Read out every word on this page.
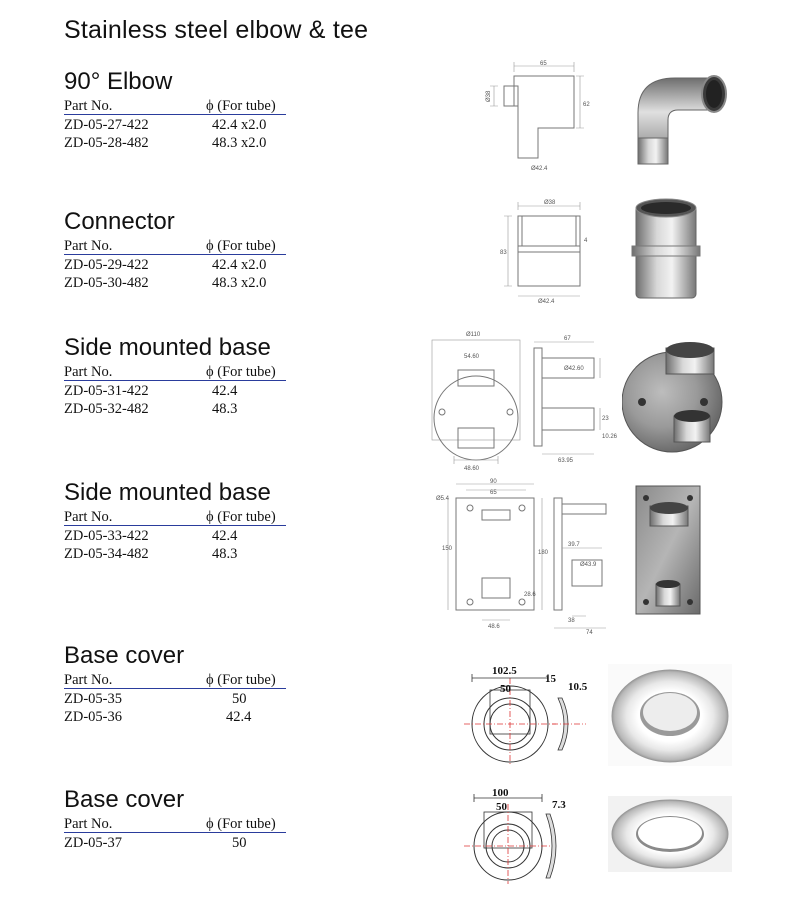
Stainless steel elbow & tee
90° Elbow
Part No.	ϕ (For tube)
ZD-05-27-422	42.4 x2.0
ZD-05-28-482	48.3 x2.0
Connector
Part No.	ϕ (For tube)
ZD-05-29-422	42.4 x2.0
ZD-05-30-482	48.3 x2.0
Side mounted base
Part No.	ϕ (For tube)
ZD-05-31-422	42.4
ZD-05-32-482	48.3
Side mounted base
Part No.	ϕ (For tube)
ZD-05-33-422	42.4
ZD-05-34-482	48.3
Base cover
Part No.	ϕ (For tube)
ZD-05-35	50
ZD-05-36	42.4
Base cover
Part No.	ϕ (For tube)
ZD-05-37	50
65
Ø38
62
Ø42.4
Ø38
83
4
Ø42.4
Ø110
54.60
48.60
67
Ø42.60
23
10.26
63.95
Ø5.4
90
65
150
180
28.6
48.6
39.7
Ø43.9
38
74
102.5
50
15
10.5
100
50	7.3
